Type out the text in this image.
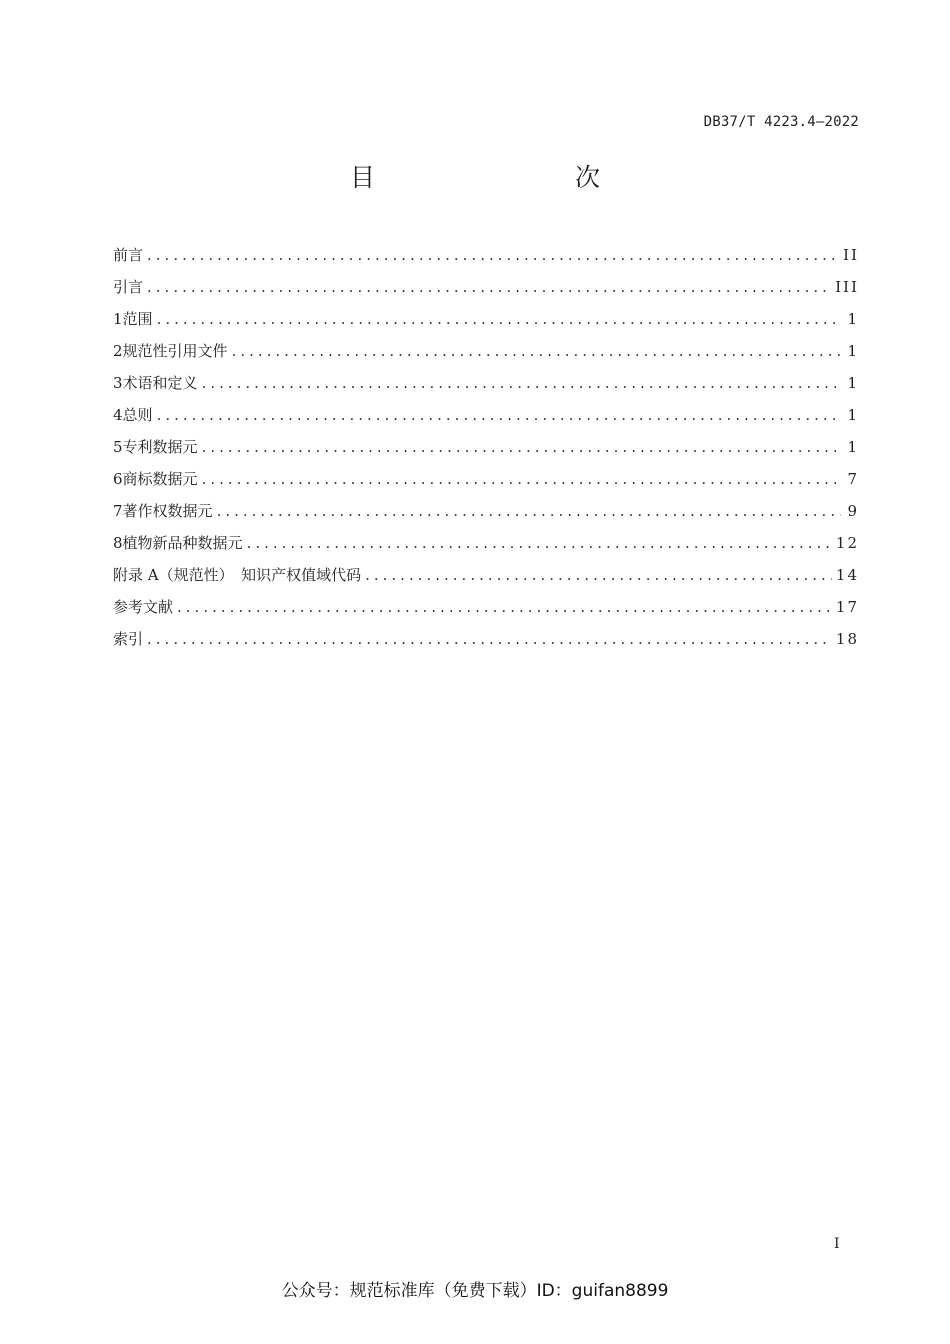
DB37/T 4223.4—2022
目　　次
前言 .....	II
引言 .....	III
1 范围 .....	1
2 规范性引用文件 .....	1
3 术语和定义 .....	1
4 总则 .....	1
5 专利数据元 .....	1
6 商标数据元 .....	7
7 著作权数据元 .....	9
8 植物新品种数据元 .....	12
附录 A（规范性）　知识产权值域代码 .....	14
参考文献 .....	17
索引 .....	18
I
公众号：规范标准库（免费下载）ID：guifan8899
